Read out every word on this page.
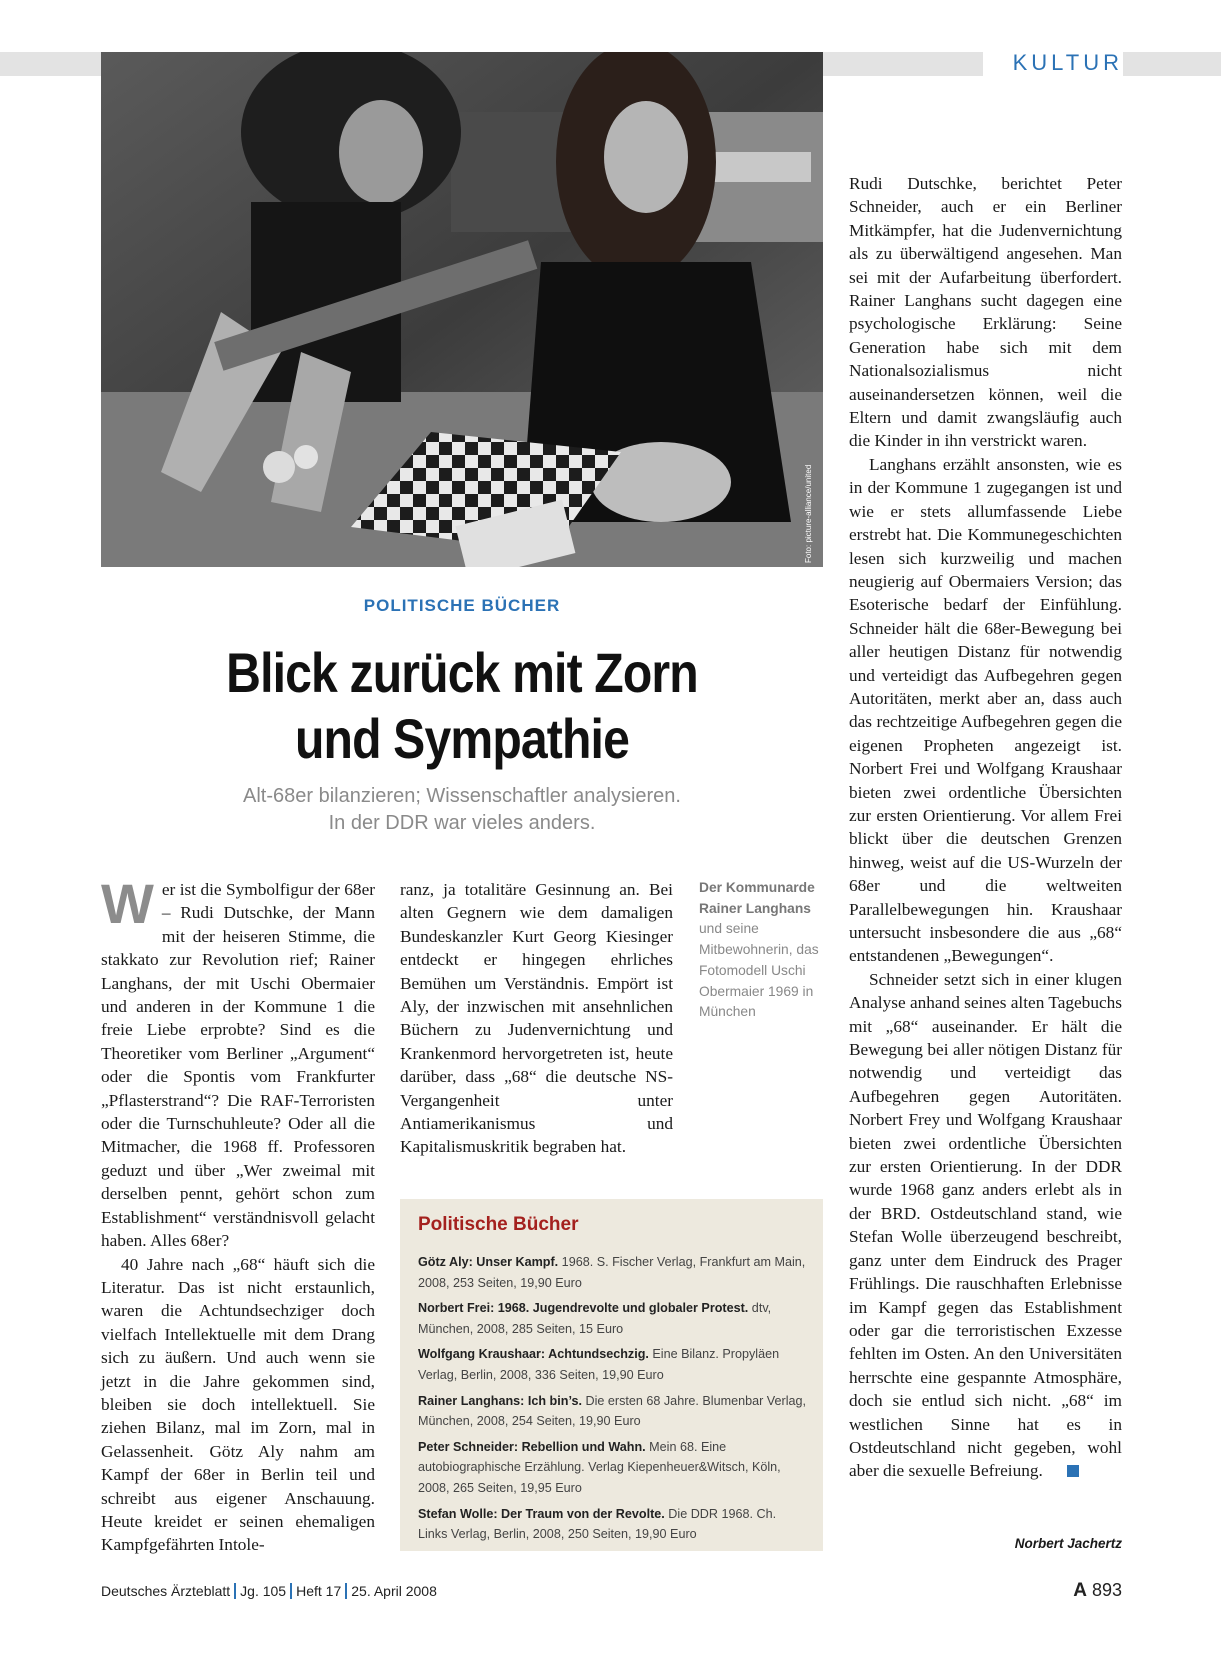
KULTUR
Foto: picture-alliance/united
POLITISCHE BÜCHER
Blick zurück mit Zorn
und Sympathie
Alt-68er bilanzieren; Wissenschaftler analysieren.
In der DDR war vieles anders.

Wer ist die Symbolfigur der 68er – Rudi Dutschke, der Mann mit der heiseren Stimme, die stakkato zur Revolution rief; Rainer Langhans, der mit Uschi Obermaier und anderen in der Kommune 1 die freie Liebe erprobte? Sind es die Theoretiker vom Berliner „Argument“ oder die Spontis vom Frankfurter „Pflasterstrand“? Die RAF-Terroristen oder die Turnschuhleute? Oder all die Mitmacher, die 1968 ff. Professoren geduzt und über „Wer zweimal mit derselben pennt, gehört schon zum Establishment“ verständnisvoll gelacht haben. Alles 68er?

40 Jahre nach „68“ häuft sich die Literatur. Das ist nicht erstaunlich, waren die Achtundsechziger doch vielfach Intellektuelle mit dem Drang sich zu äußern. Und auch wenn sie jetzt in die Jahre gekommen sind, bleiben sie doch intellektuell. Sie ziehen Bilanz, mal im Zorn, mal in Gelassenheit. Götz Aly nahm am Kampf der 68er in Berlin teil und schreibt aus eigener Anschauung. Heute kreidet er seinen ehemaligen Kampfgefährten Intole-

ranz, ja totalitäre Gesinnung an. Bei alten Gegnern wie dem damaligen Bundeskanzler Kurt Georg Kiesinger entdeckt er hingegen ehrliches Bemühen um Verständnis. Empört ist Aly, der inzwischen mit ansehnlichen Büchern zu Judenvernichtung und Krankenmord hervorgetreten ist, heute darüber, dass „68“ die deutsche NS-Vergangenheit unter Antiamerikanismus und Kapitalismuskritik begraben hat.

Der Kommunarde Rainer Langhans
und seine Mitbewohnerin, das Fotomodell Uschi Obermaier 1969 in München
Politische Bücher
Götz Aly: Unser Kampf. 1968. S. Fischer Verlag, Frankfurt am Main, 2008, 253 Seiten, 19,90 Euro
Norbert Frei: 1968. Jugendrevolte und globaler Protest. dtv, München, 2008, 285 Seiten, 15 Euro
Wolfgang Kraushaar: Achtundsechzig. Eine Bilanz. Propyläen Verlag, Berlin, 2008, 336 Seiten, 19,90 Euro
Rainer Langhans: Ich bin’s. Die ersten 68 Jahre. Blumenbar Verlag, München, 2008, 254 Seiten, 19,90 Euro
Peter Schneider: Rebellion und Wahn. Mein 68. Eine autobiographische Erzählung. Verlag Kiepenheuer&Witsch, Köln, 2008, 265 Seiten, 19,95 Euro
Stefan Wolle: Der Traum von der Revolte. Die DDR 1968. Ch. Links Verlag, Berlin, 2008, 250 Seiten, 19,90 Euro

Rudi Dutschke, berichtet Peter Schneider, auch er ein Berliner Mitkämpfer, hat die Judenvernichtung als zu überwältigend angesehen. Man sei mit der Aufarbeitung überfordert. Rainer Langhans sucht dagegen eine psychologische Erklärung: Seine Generation habe sich mit dem Nationalsozialismus nicht auseinandersetzen können, weil die Eltern und damit zwangsläufig auch die Kinder in ihn verstrickt waren.

Langhans erzählt ansonsten, wie es in der Kommune 1 zugegangen ist und wie er stets allumfassende Liebe erstrebt hat. Die Kommunegeschichten lesen sich kurzweilig und machen neugierig auf Obermaiers Version; das Esoterische bedarf der Einfühlung. Schneider hält die 68er-Bewegung bei aller heutigen Distanz für notwendig und verteidigt das Aufbegehren gegen Autoritäten, merkt aber an, dass auch das rechtzeitige Aufbegehren gegen die eigenen Propheten angezeigt ist. Norbert Frei und Wolfgang Kraushaar bieten zwei ordentliche Übersichten zur ersten Orientierung. Vor allem Frei blickt über die deutschen Grenzen hinweg, weist auf die US-Wurzeln der 68er und die weltweiten Parallelbewegungen hin. Kraushaar untersucht insbesondere die aus „68“ entstandenen „Bewegungen“.

Schneider setzt sich in einer klugen Analyse anhand seines alten Tagebuchs mit „68“ auseinander. Er hält die Bewegung bei aller nötigen Distanz für notwendig und verteidigt das Aufbegehren gegen Autoritäten. Norbert Frey und Wolfgang Kraushaar bieten zwei ordentliche Übersichten zur ersten Orientierung. In der DDR wurde 1968 ganz anders erlebt als in der BRD. Ostdeutschland stand, wie Stefan Wolle überzeugend beschreibt, ganz unter dem Eindruck des Prager Frühlings. Die rauschhaften Erlebnisse im Kampf gegen das Establishment oder gar die terroristischen Exzesse fehlten im Osten. An den Universitäten herrschte eine gespannte Atmosphäre, doch sie entlud sich nicht. „68“ im westlichen Sinne hat es in Ostdeutschland nicht gegeben, wohl aber die sexuelle Befreiung.

Norbert Jachertz
Deutsches Ärzteblatt Jg. 105 Heft 17 25. April 2008	A 893
